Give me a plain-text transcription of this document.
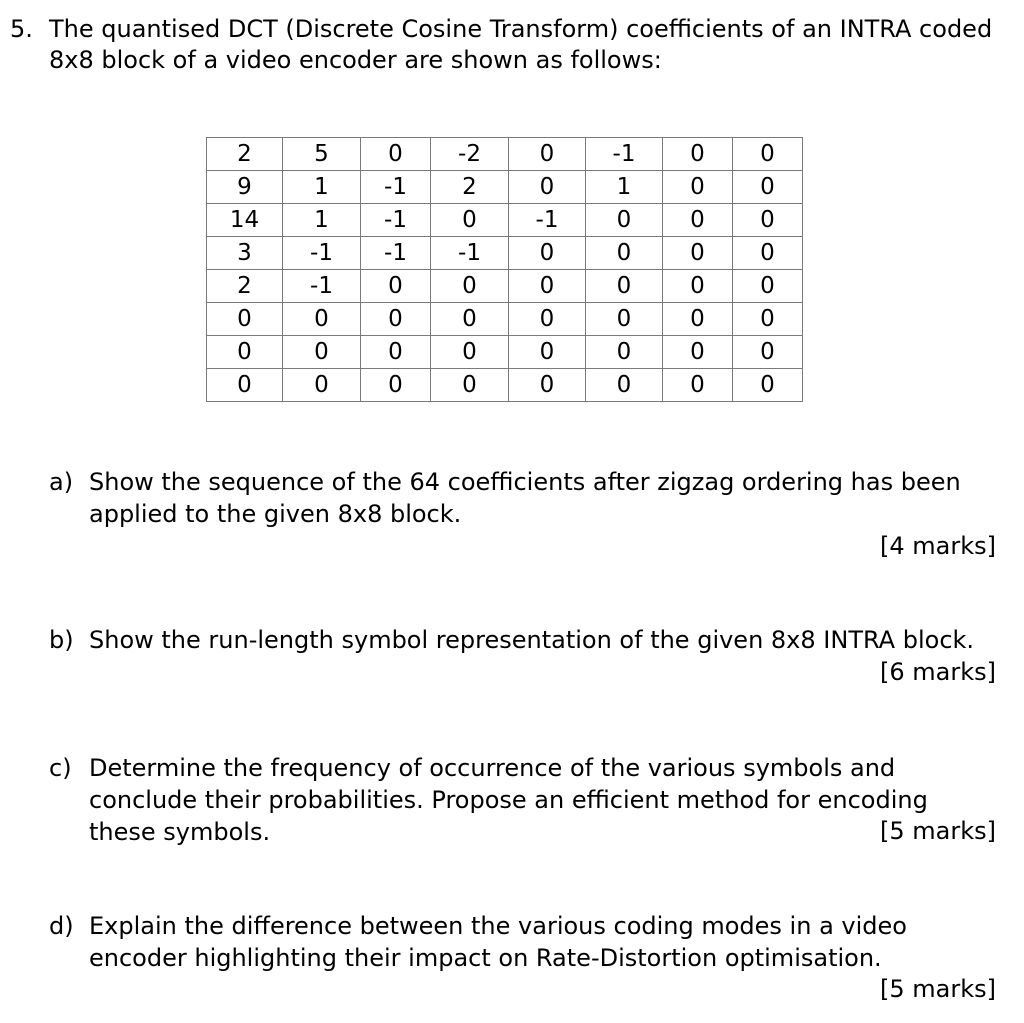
5. The quantised DCT (Discrete Cosine Transform) coefficients of an INTRA coded 8x8 block of a video encoder are shown as follows:
2	5	0	-2	0	-1	0	0
9	1	-1	2	0	1	0	0
14	1	-1	0	-1	0	0	0
3	-1	-1	-1	0	0	0	0
2	-1	0	0	0	0	0	0
0	0	0	0	0	0	0	0
0	0	0	0	0	0	0	0
0	0	0	0	0	0	0	0
a) Show the sequence of the 64 coefficients after zigzag ordering has been applied to the given 8x8 block.
[4 marks]
b) Show the run-length symbol representation of the given 8x8 INTRA block.
[6 marks]
c) Determine the frequency of occurrence of the various symbols and conclude their probabilities. Propose an efficient method for encoding these symbols.	[5 marks]
d) Explain the difference between the various coding modes in a video encoder highlighting their impact on Rate-Distortion optimisation.
[5 marks]
